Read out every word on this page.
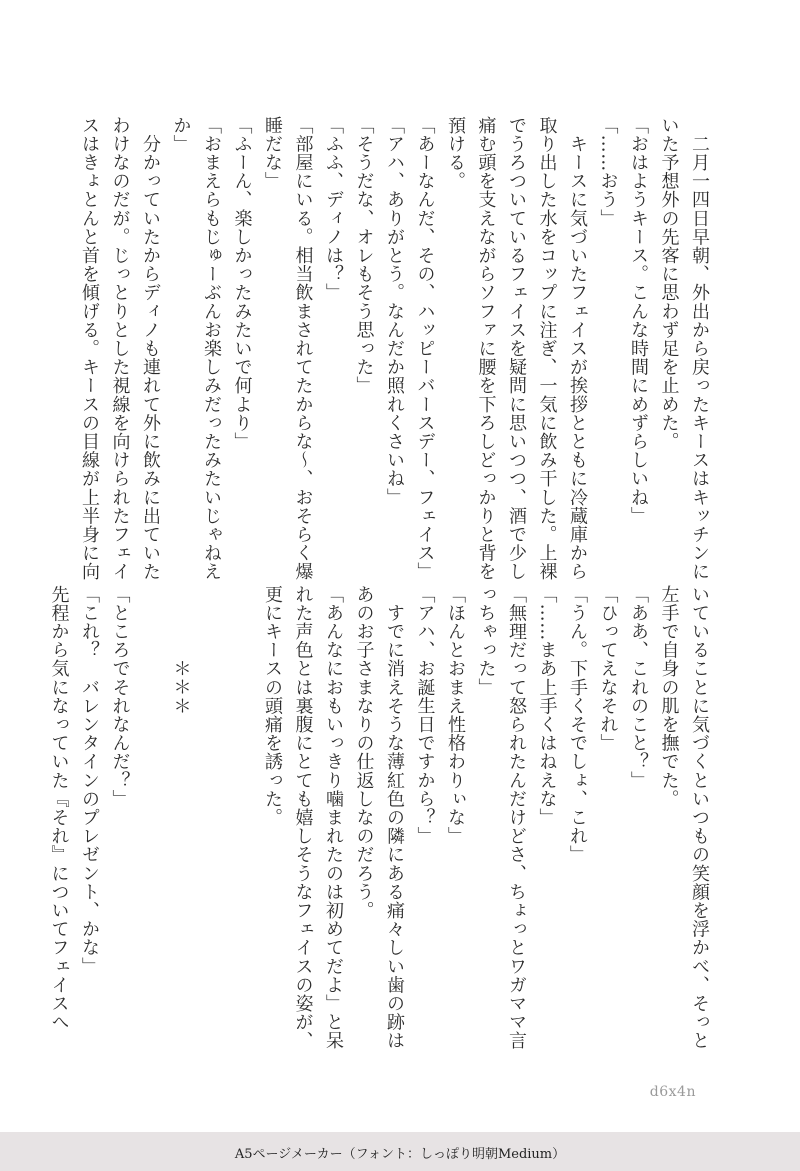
　二月一四日早朝、外出から戻ったキースはキッチンに

いた予想外の先客に思わず足を止めた。

「おはようキース。こんな時間にめずらしいね」

「……おう」

　キースに気づいたフェイスが挨拶とともに冷蔵庫から

取り出した水をコップに注ぎ、一気に飲み干した。上裸

でうろついているフェイスを疑問に思いつつ、酒で少し

痛む頭を支えながらソファに腰を下ろしどっかりと背を

預ける。

「あーなんだ、その、ハッピーバースデー、フェイス」

「アハ、ありがとう。なんだか照れくさいね」

「そうだな、オレもそう思った」

「ふふ、ディノは？」

「部屋にいる。相当飲まされてたからな～、おそらく爆

睡だな」

「ふーん、楽しかったみたいで何より」

「おまえらもじゅーぶんお楽しみだったみたいじゃねえ

か」

　分かっていたからディノも連れて外に飲みに出ていた

わけなのだが。じっとりとした視線を向けられたフェイ

スはきょとんと首を傾げる。キースの目線が上半身に向

いていることに気づくといつもの笑顔を浮かべ、そっと

左手で自身の肌を撫でた。

「ああ、これのこと？」

「ひってえなそれ」

「うん。下手くそでしょ、これ」

「……まあ上手くはねえな」

「無理だって怒られたんだけどさ、ちょっとワガママ言

っちゃった」

「ほんとおまえ性格わりぃな」

「アハ、お誕生日ですから？」

　すでに消えそうな薄紅色の隣にある痛々しい歯の跡は

あのお子さまなりの仕返しなのだろう。

「あんなにおもいっきり噛まれたのは初めてだよ」と呆

れた声色とは裏腹にとても嬉しそうなフェイスの姿が、

更にキースの頭痛を誘った。

　　　　＊＊＊

「ところでそれなんだ？」

「これ？　バレンタインのプレゼント、かな」

先程から気になっていた『それ』についてフェイスへ

d6x4n
A5ページメーカー（フォント：しっぽり明朝Medium）
